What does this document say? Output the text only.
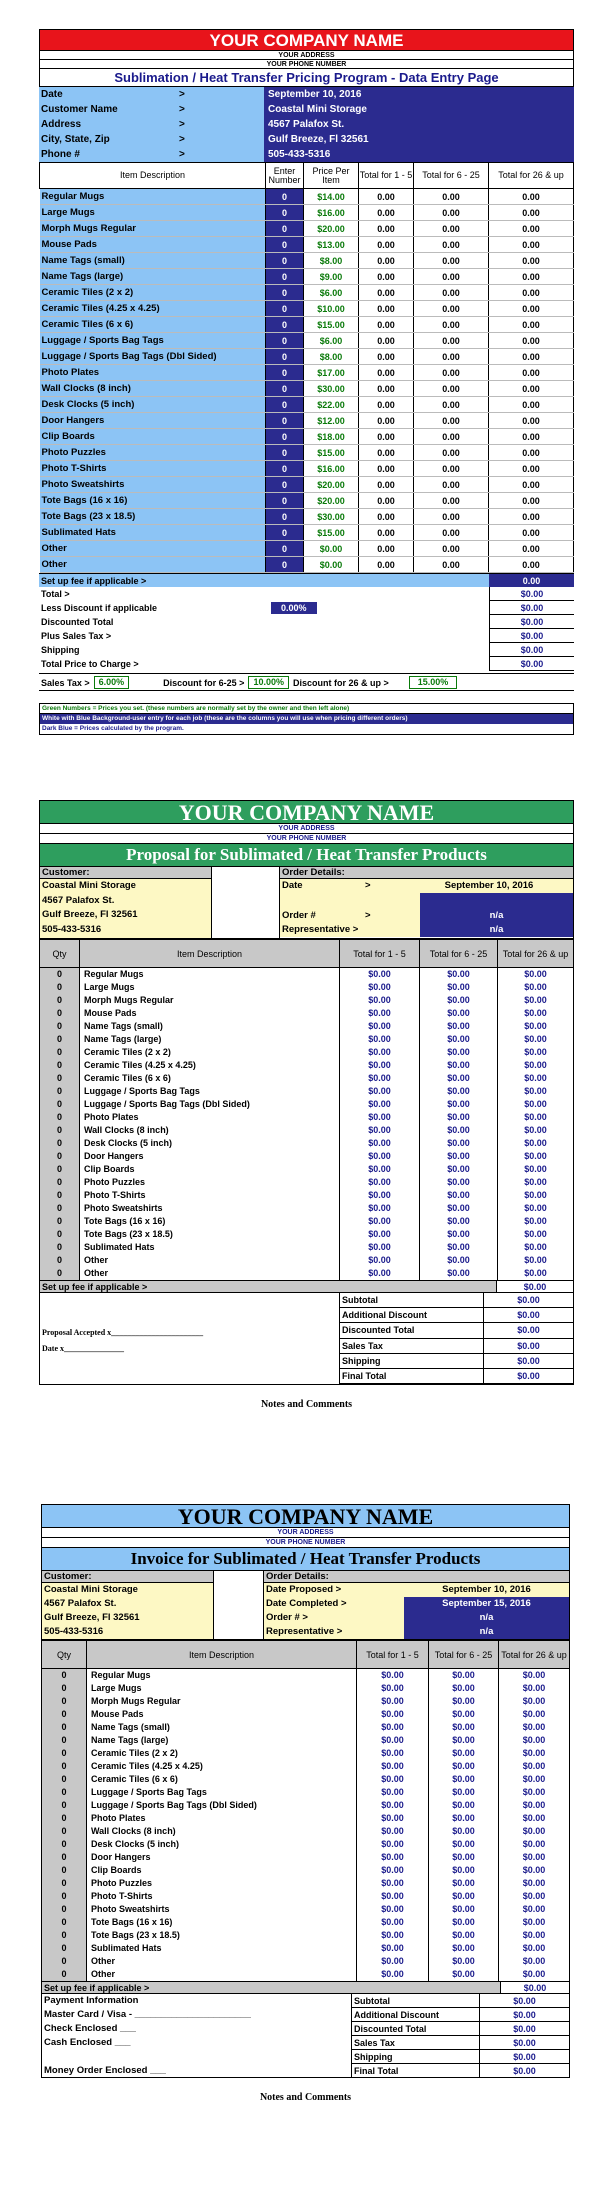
YOUR COMPANY NAME
YOUR ADDRESS
YOUR PHONE NUMBER
Sublimation / Heat Transfer Pricing Program - Data Entry Page
Date	>	September 10, 2016
Customer Name	>	Coastal Mini Storage
Address	>	4567 Palafox St.
City, State, Zip	>	Gulf Breeze, Fl 32561
Phone #	>	505-433-5316
Item Description	Enter Number	Price Per Item	Total for 1 - 5	Total for 6 - 25	Total for 26 & up
Regular Mugs	0	$14.00	0.00	0.00	0.00
Large Mugs	0	$16.00	0.00	0.00	0.00
Morph Mugs Regular	0	$20.00	0.00	0.00	0.00
Mouse Pads	0	$13.00	0.00	0.00	0.00
Name Tags (small)	0	$8.00	0.00	0.00	0.00
Name Tags (large)	0	$9.00	0.00	0.00	0.00
Ceramic Tiles (2 x 2)	0	$6.00	0.00	0.00	0.00
Ceramic Tiles (4.25 x 4.25)	0	$10.00	0.00	0.00	0.00
Ceramic Tiles (6 x 6)	0	$15.00	0.00	0.00	0.00
Luggage / Sports Bag Tags	0	$6.00	0.00	0.00	0.00
Luggage / Sports Bag Tags (Dbl Sided)	0	$8.00	0.00	0.00	0.00
Photo Plates	0	$17.00	0.00	0.00	0.00
Wall Clocks (8 inch)	0	$30.00	0.00	0.00	0.00
Desk Clocks (5 inch)	0	$22.00	0.00	0.00	0.00
Door Hangers	0	$12.00	0.00	0.00	0.00
Clip Boards	0	$18.00	0.00	0.00	0.00
Photo Puzzles	0	$15.00	0.00	0.00	0.00
Photo T-Shirts	0	$16.00	0.00	0.00	0.00
Photo Sweatshirts	0	$20.00	0.00	0.00	0.00
Tote Bags (16 x 16)	0	$20.00	0.00	0.00	0.00
Tote Bags (23 x 18.5)	0	$30.00	0.00	0.00	0.00
Sublimated Hats	0	$15.00	0.00	0.00	0.00
Other	0	$0.00	0.00	0.00	0.00
Other	0	$0.00	0.00	0.00	0.00
Set up fee if applicable >	0.00
Total >	$0.00
Less Discount if applicable	0.00%	$0.00
Discounted Total	$0.00
Plus Sales Tax >	$0.00
Shipping	$0.00
Total Price to Charge >	$0.00
Sales Tax >	6.00%	Discount for 6-25 >	10.00%	Discount for 26 & up >	15.00%
Green Numbers = Prices you set. (these numbers are normally set by the owner and then left alone)
White with Blue Background-user entry for each job (these are the columns you will use when pricing different orders)
Dark Blue = Prices calculated by the program.
YOUR COMPANY NAME
YOUR ADDRESS
YOUR PHONE NUMBER
Proposal for Sublimated / Heat Transfer Products
Customer:
Coastal Mini Storage
4567 Palafox St.
Gulf Breeze, Fl 32561
505-433-5316
Order Details:
Date	>	September 10, 2016
Order #	>	n/a
Representative >	n/a
Qty	Item Description	Total for 1 - 5	Total for 6 - 25	Total for 26 & up
0	Regular Mugs	$0.00	$0.00	$0.00
0	Large Mugs	$0.00	$0.00	$0.00
0	Morph Mugs Regular	$0.00	$0.00	$0.00
0	Mouse Pads	$0.00	$0.00	$0.00
0	Name Tags (small)	$0.00	$0.00	$0.00
0	Name Tags (large)	$0.00	$0.00	$0.00
0	Ceramic Tiles (2 x 2)	$0.00	$0.00	$0.00
0	Ceramic Tiles (4.25 x 4.25)	$0.00	$0.00	$0.00
0	Ceramic Tiles (6 x 6)	$0.00	$0.00	$0.00
0	Luggage / Sports Bag Tags	$0.00	$0.00	$0.00
0	Luggage / Sports Bag Tags (Dbl Sided)	$0.00	$0.00	$0.00
0	Photo Plates	$0.00	$0.00	$0.00
0	Wall Clocks (8 inch)	$0.00	$0.00	$0.00
0	Desk Clocks (5 inch)	$0.00	$0.00	$0.00
0	Door Hangers	$0.00	$0.00	$0.00
0	Clip Boards	$0.00	$0.00	$0.00
0	Photo Puzzles	$0.00	$0.00	$0.00
0	Photo T-Shirts	$0.00	$0.00	$0.00
0	Photo Sweatshirts	$0.00	$0.00	$0.00
0	Tote Bags (16 x 16)	$0.00	$0.00	$0.00
0	Tote Bags (23 x 18.5)	$0.00	$0.00	$0.00
0	Sublimated Hats	$0.00	$0.00	$0.00
0	Other	$0.00	$0.00	$0.00
0	Other	$0.00	$0.00	$0.00
Set up fee if applicable >	$0.00
Proposal Accepted x_______________________
Date x_______________
Subtotal	$0.00
Additional Discount	$0.00
Discounted Total	$0.00
Sales Tax	$0.00
Shipping	$0.00
Final Total	$0.00
Notes and Comments
YOUR COMPANY NAME
YOUR ADDRESS
YOUR PHONE NUMBER
Invoice for Sublimated / Heat Transfer Products
Customer:
Coastal Mini Storage
4567 Palafox St.
Gulf Breeze, Fl 32561
505-433-5316
Order Details:
Date Proposed >	September 10, 2016
Date Completed >	September 15, 2016
Order # >	n/a
Representative >	n/a
Qty	Item Description	Total for 1 - 5	Total for 6 - 25	Total for 26 & up
0	Regular Mugs	$0.00	$0.00	$0.00
0	Large Mugs	$0.00	$0.00	$0.00
0	Morph Mugs Regular	$0.00	$0.00	$0.00
0	Mouse Pads	$0.00	$0.00	$0.00
0	Name Tags (small)	$0.00	$0.00	$0.00
0	Name Tags (large)	$0.00	$0.00	$0.00
0	Ceramic Tiles (2 x 2)	$0.00	$0.00	$0.00
0	Ceramic Tiles (4.25 x 4.25)	$0.00	$0.00	$0.00
0	Ceramic Tiles (6 x 6)	$0.00	$0.00	$0.00
0	Luggage / Sports Bag Tags	$0.00	$0.00	$0.00
0	Luggage / Sports Bag Tags (Dbl Sided)	$0.00	$0.00	$0.00
0	Photo Plates	$0.00	$0.00	$0.00
0	Wall Clocks (8 inch)	$0.00	$0.00	$0.00
0	Desk Clocks (5 inch)	$0.00	$0.00	$0.00
0	Door Hangers	$0.00	$0.00	$0.00
0	Clip Boards	$0.00	$0.00	$0.00
0	Photo Puzzles	$0.00	$0.00	$0.00
0	Photo T-Shirts	$0.00	$0.00	$0.00
0	Photo Sweatshirts	$0.00	$0.00	$0.00
0	Tote Bags (16 x 16)	$0.00	$0.00	$0.00
0	Tote Bags (23 x 18.5)	$0.00	$0.00	$0.00
0	Sublimated Hats	$0.00	$0.00	$0.00
0	Other	$0.00	$0.00	$0.00
0	Other	$0.00	$0.00	$0.00
Set up fee if applicable >	$0.00
Payment Information
Master Card / Visa - ______________________
Check Enclosed ___
Cash Enclosed ___
Money Order Enclosed ___
Subtotal	$0.00
Additional Discount	$0.00
Discounted Total	$0.00
Sales Tax	$0.00
Shipping	$0.00
Final Total	$0.00
Notes and Comments
